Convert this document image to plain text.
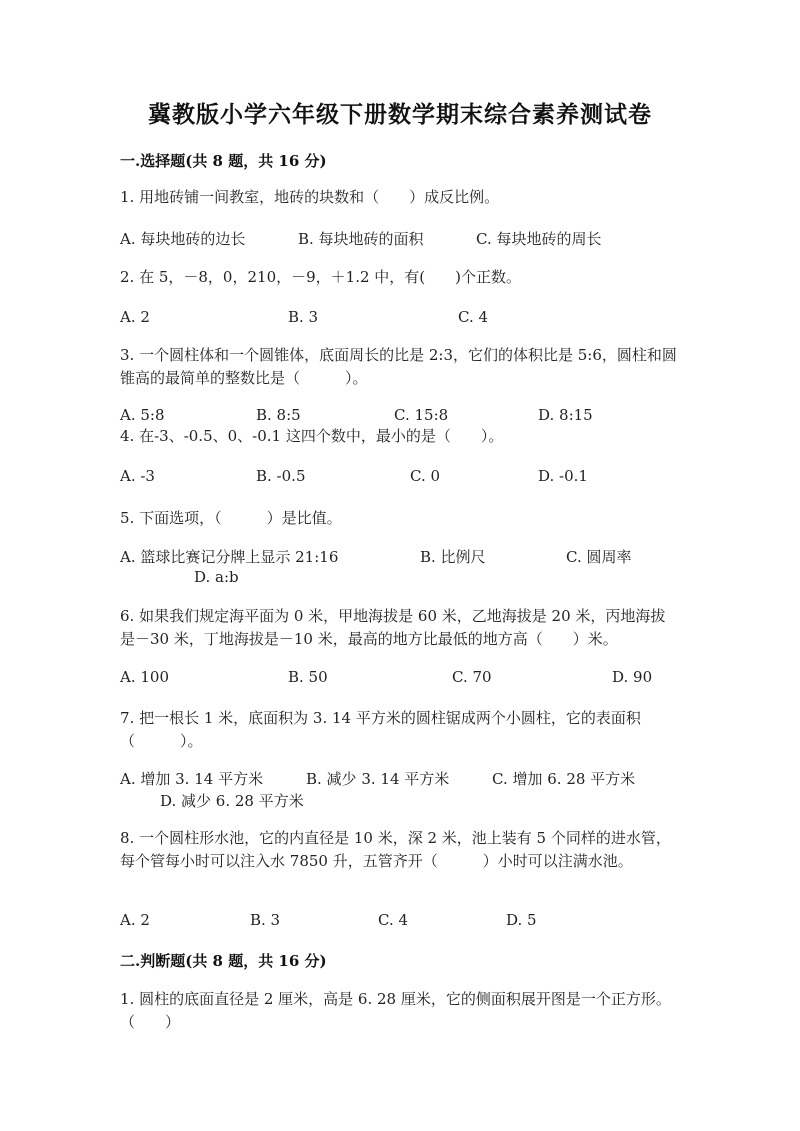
冀教版小学六年级下册数学期末综合素养测试卷
一.选择题(共 8 题，共 16 分)
1. 用地砖铺一间教室，地砖的块数和（　　）成反比例。
A. 每块地砖的边长	B. 每块地砖的面积	C. 每块地砖的周长
2. 在 5，－8，0，210，－9，＋1.2 中，有(　　)个正数。
A. 2	B. 3	C. 4
3. 一个圆柱体和一个圆锥体，底面周长的比是 2:3，它们的体积比是 5:6，圆柱和圆锥高的最简单的整数比是（　　　）。
A. 5:8	B. 8:5	C. 15:8	D. 8:15
4. 在-3、-0.5、0、-0.1 这四个数中，最小的是（　　）。
A. -3	B. -0.5	C. 0	D. -0.1
5. 下面选项，（　　　）是比值。
A. 篮球比赛记分牌上显示 21:16	B. 比例尺	C. 圆周率
D. a:b
6. 如果我们规定海平面为 0 米，甲地海拔是 60 米，乙地海拔是 20 米，丙地海拔是－30 米，丁地海拔是－10 米，最高的地方比最低的地方高（　　）米。
A. 100	B. 50	C. 70	D. 90
7. 把一根长 1 米，底面积为 3. 14 平方米的圆柱锯成两个小圆柱，它的表面积（　　　）。
A. 增加 3. 14 平方米	B. 减少 3. 14 平方米	C. 增加 6. 28 平方米
D. 减少 6. 28 平方米
8. 一个圆柱形水池，它的内直径是 10 米，深 2 米，池上装有 5 个同样的进水管，每个管每小时可以注入水 7850 升，五管齐开（　　　）小时可以注满水池。
A. 2	B. 3	C. 4	D. 5
二.判断题(共 8 题，共 16 分)
1. 圆柱的底面直径是 2 厘米，高是 6. 28 厘米，它的侧面积展开图是一个正方形。（　　）
